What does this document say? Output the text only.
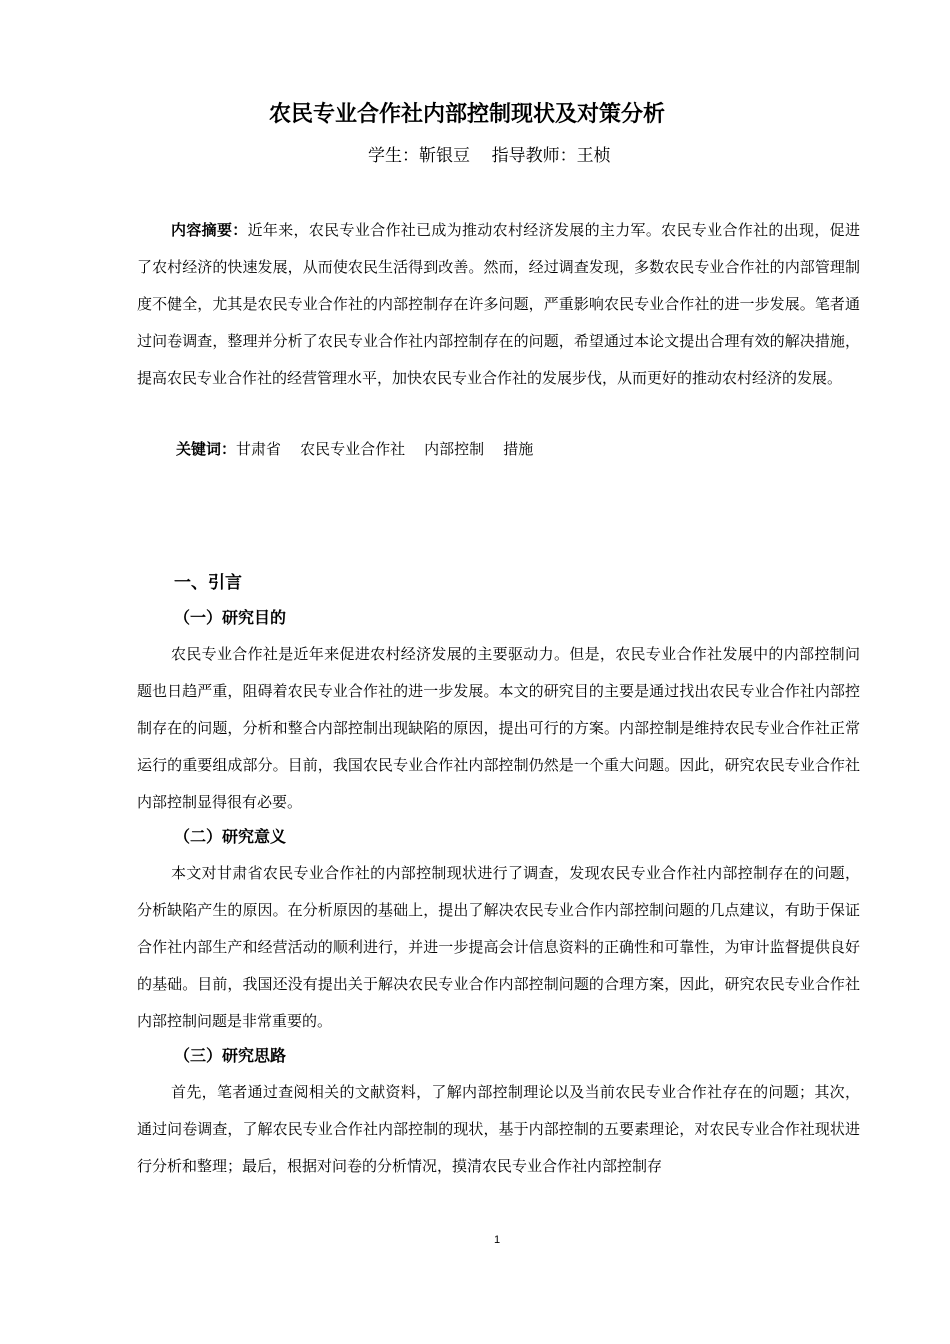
农民专业合作社内部控制现状及对策分析
学生：靳银豆    指导教师：王桢

内容摘要：近年来，农民专业合作社已成为推动农村经济发展的主力军。农民专业合作社的出现，促进了农村经济的快速发展，从而使农民生活得到改善。然而，经过调查发现，多数农民专业合作社的内部管理制度不健全，尤其是农民专业合作社的内部控制存在许多问题，严重影响农民专业合作社的进一步发展。笔者通过问卷调查，整理并分析了农民专业合作社内部控制存在的问题，希望通过本论文提出合理有效的解决措施，提高农民专业合作社的经营管理水平，加快农民专业合作社的发展步伐，从而更好的推动农村经济的发展。

关键词：甘肃省    农民专业合作社    内部控制    措施
一、引言
（一）研究目的

农民专业合作社是近年来促进农村经济发展的主要驱动力。但是，农民专业合作社发展中的内部控制问题也日趋严重，阻碍着农民专业合作社的进一步发展。本文的研究目的主要是通过找出农民专业合作社内部控制存在的问题，分析和整合内部控制出现缺陷的原因，提出可行的方案。内部控制是维持农民专业合作社正常运行的重要组成部分。目前，我国农民专业合作社内部控制仍然是一个重大问题。因此，研究农民专业合作社内部控制显得很有必要。

（二）研究意义

本文对甘肃省农民专业合作社的内部控制现状进行了调查，发现农民专业合作社内部控制存在的问题，分析缺陷产生的原因。在分析原因的基础上，提出了解决农民专业合作内部控制问题的几点建议，有助于保证合作社内部生产和经营活动的顺利进行，并进一步提高会计信息资料的正确性和可靠性，为审计监督提供良好的基础。目前，我国还没有提出关于解决农民专业合作内部控制问题的合理方案，因此，研究农民专业合作社内部控制问题是非常重要的。

（三）研究思路

首先，笔者通过查阅相关的文献资料，了解内部控制理论以及当前农民专业合作社存在的问题；其次，通过问卷调查，了解农民专业合作社内部控制的现状，基于内部控制的五要素理论，对农民专业合作社现状进行分析和整理；最后，根据对问卷的分析情况，摸清农民专业合作社内部控制存

1
